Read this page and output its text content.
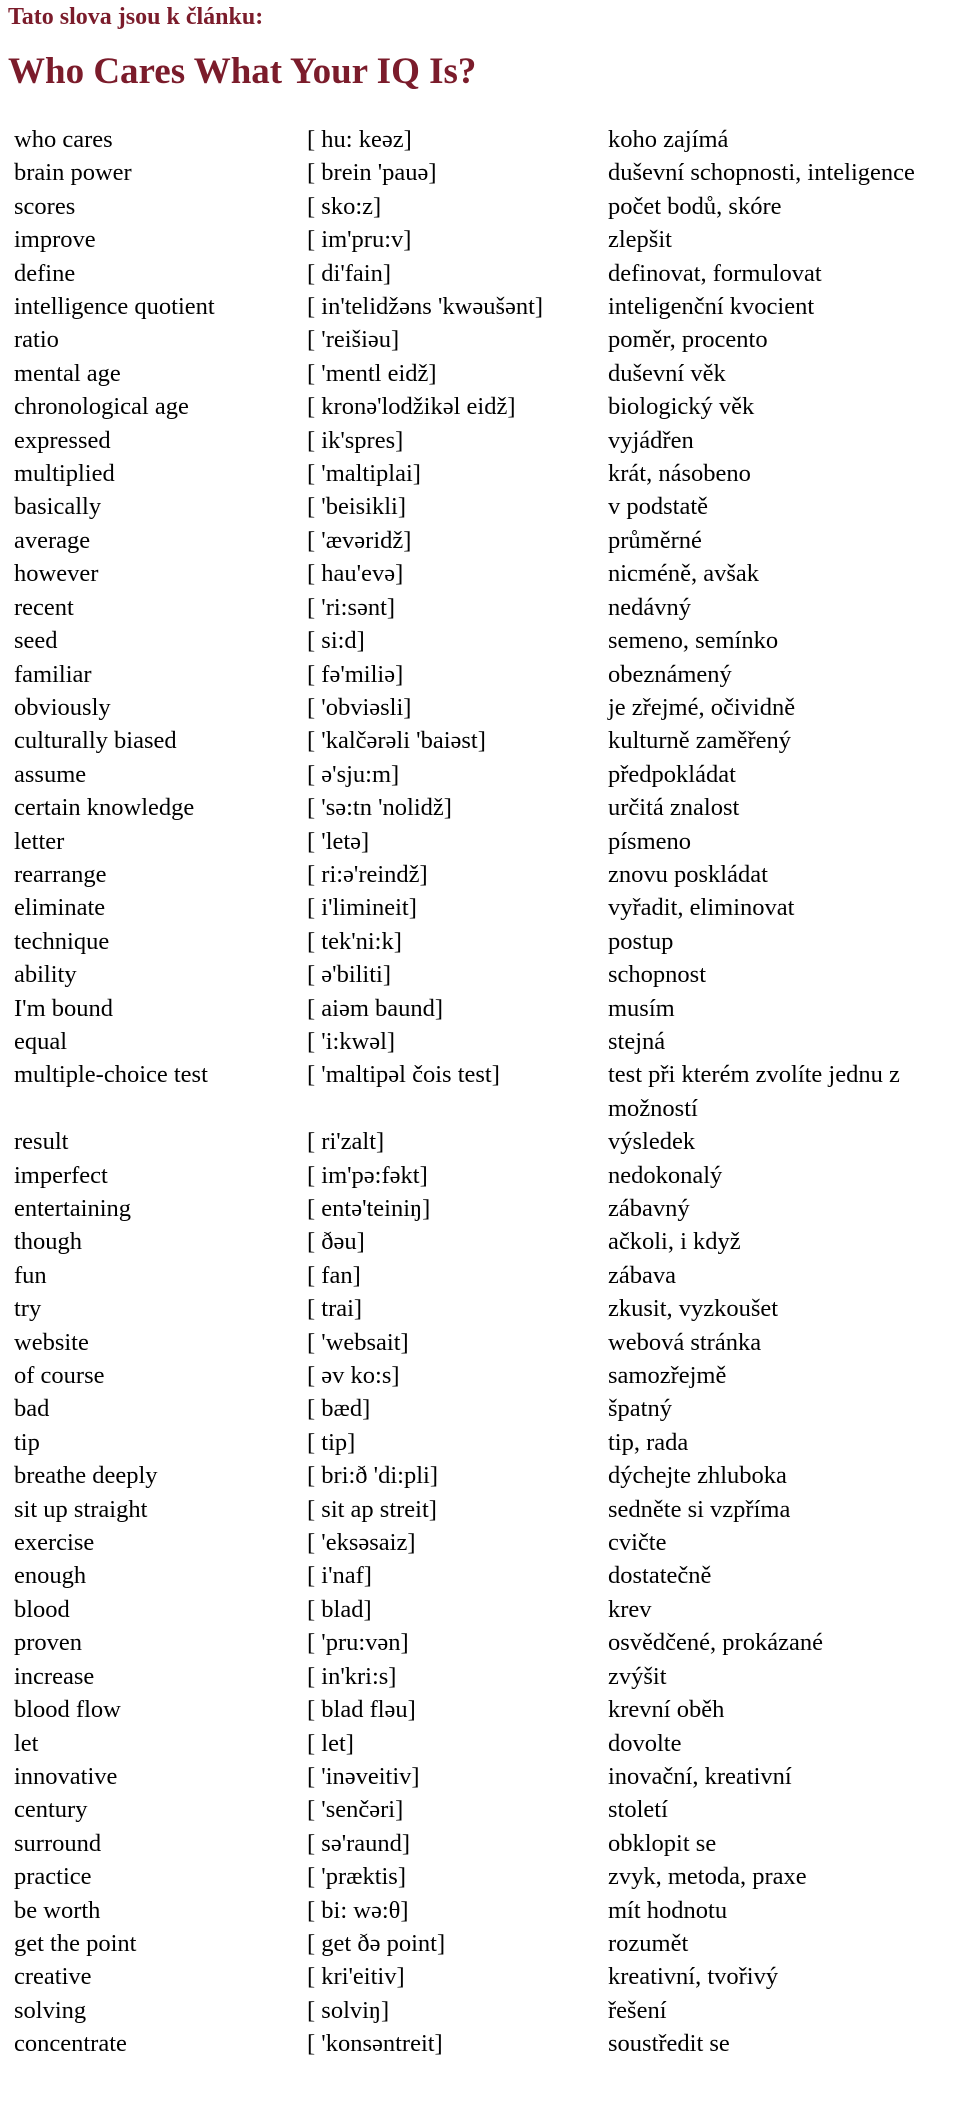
Tato slova jsou k článku:
Who Cares What Your IQ Is?
who cares	[ hu: keəz]	koho zajímá
brain power	[ brein 'pauə]	duševní schopnosti, inteligence
scores	[ sko:z]	počet bodů, skóre
improve	[ im'pru:v]	zlepšit
define	[ di'fain]	definovat, formulovat
intelligence quotient	[ in'telidžəns 'kwəušənt]	inteligenční kvocient
ratio	[ 'reišiəu]	poměr, procento
mental age	[ 'mentl eidž]	duševní věk
chronological age	[ kronə'lodžikəl eidž]	biologický věk
expressed	[ ik'spres]	vyjádřen
multiplied	[ 'maltiplai]	krát, násobeno
basically	[ 'beisikli]	v podstatě
average	[ 'ævəridž]	průměrné
however	[ hau'evə]	nicméně, avšak
recent	[ 'ri:sənt]	nedávný
seed	[ si:d]	semeno, semínko
familiar	[ fə'miliə]	obeznámený
obviously	[ 'obviəsli]	je zřejmé, očividně
culturally biased	[ 'kalčərəli 'baiəst]	kulturně zaměřený
assume	[ ə'sju:m]	předpokládat
certain knowledge	[ 'sə:tn 'nolidž]	určitá znalost
letter	[ 'letə]	písmeno
rearrange	[ ri:ə'reindž]	znovu poskládat
eliminate	[ i'limineit]	vyřadit, eliminovat
technique	[ tek'ni:k]	postup
ability	[ ə'biliti]	schopnost
I'm bound	[ aiəm baund]	musím
equal	[ 'i:kwəl]	stejná
multiple-choice test	[ 'maltipəl čois test]	test při kterém zvolíte jednu z možností
result	[ ri'zalt]	výsledek
imperfect	[ im'pə:fəkt]	nedokonalý
entertaining	[ entə'teiniŋ]	zábavný
though	[ ðəu]	ačkoli, i když
fun	[ fan]	zábava
try	[ trai]	zkusit, vyzkoušet
website	[ 'websait]	webová stránka
of course	[ əv ko:s]	samozřejmě
bad	[ bæd]	špatný
tip	[ tip]	tip, rada
breathe deeply	[ bri:ð 'di:pli]	dýchejte zhluboka
sit up straight	[ sit ap streit]	sedněte si vzpříma
exercise	[ 'eksəsaiz]	cvičte
enough	[ i'naf]	dostatečně
blood	[ blad]	krev
proven	[ 'pru:vən]	osvědčené, prokázané
increase	[ in'kri:s]	zvýšit
blood flow	[ blad fləu]	krevní oběh
let	[ let]	dovolte
innovative	[ 'inəveitiv]	inovační, kreativní
century	[ 'senčəri]	století
surround	[ sə'raund]	obklopit se
practice	[ 'præktis]	zvyk, metoda, praxe
be worth	[ bi: wə:θ]	mít hodnotu
get the point	[ get ðə point]	rozumět
creative	[ kri'eitiv]	kreativní, tvořivý
solving	[ solviŋ]	řešení
concentrate	[ 'konsəntreit]	soustředit se
